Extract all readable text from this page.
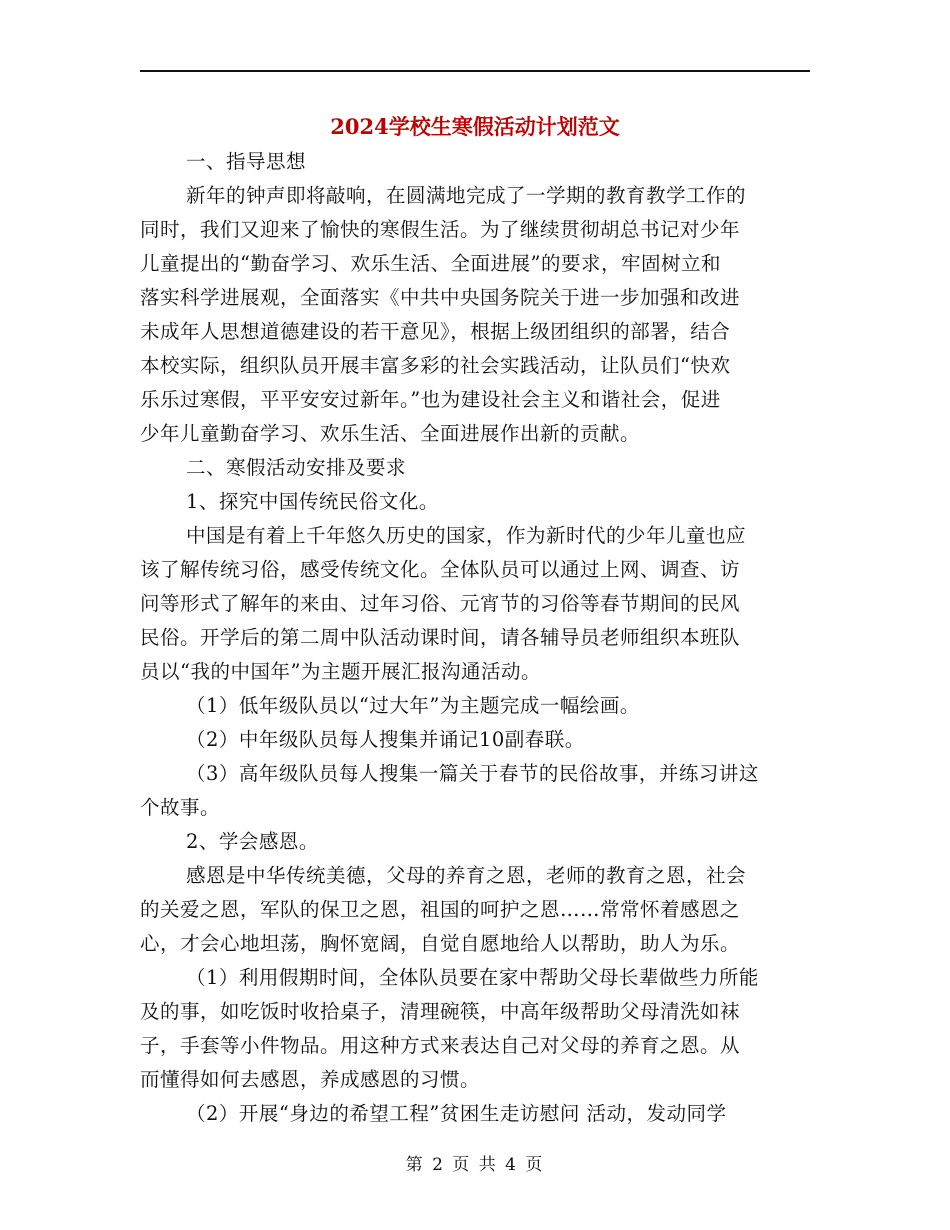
2024学校生寒假活动计划范文
一、指导思想
新年的钟声即将敲响，在圆满地完成了一学期的教育教学工作的
同时，我们又迎来了愉快的寒假生活。为了继续贯彻胡总书记对少年
儿童提出的“勤奋学习、欢乐生活、全面进展”的要求，牢固树立和
落实科学进展观，全面落实《中共中央国务院关于进一步加强和改进
未成年人思想道德建设的若干意见》，根据上级团组织的部署，结合
本校实际，组织队员开展丰富多彩的社会实践活动，让队员们“快欢
乐乐过寒假，平平安安过新年。”也为建设社会主义和谐社会，促进
少年儿童勤奋学习、欢乐生活、全面进展作出新的贡献。
二、寒假活动安排及要求
1、探究中国传统民俗文化。
中国是有着上千年悠久历史的国家，作为新时代的少年儿童也应
该了解传统习俗，感受传统文化。全体队员可以通过上网、调查、访
问等形式了解年的来由、过年习俗、元宵节的习俗等春节期间的民风
民俗。开学后的第二周中队活动课时间，请各辅导员老师组织本班队
员以“我的中国年”为主题开展汇报沟通活动。
（1）低年级队员以“过大年”为主题完成一幅绘画。
（2）中年级队员每人搜集并诵记10副春联。
（3）高年级队员每人搜集一篇关于春节的民俗故事，并练习讲这
个故事。
2、学会感恩。
感恩是中华传统美德，父母的养育之恩，老师的教育之恩，社会
的关爱之恩，军队的保卫之恩，祖国的呵护之恩……常常怀着感恩之
心，才会心地坦荡，胸怀宽阔，自觉自愿地给人以帮助，助人为乐。
（1）利用假期时间，全体队员要在家中帮助父母长辈做些力所能
及的事，如吃饭时收拾桌子，清理碗筷，中高年级帮助父母清洗如袜
子，手套等小件物品。用这种方式来表达自己对父母的养育之恩。从
而懂得如何去感恩，养成感恩的习惯。
（2）开展“身边的希望工程”贫困生走访慰问 活动，发动同学
第 2 页 共 4 页
